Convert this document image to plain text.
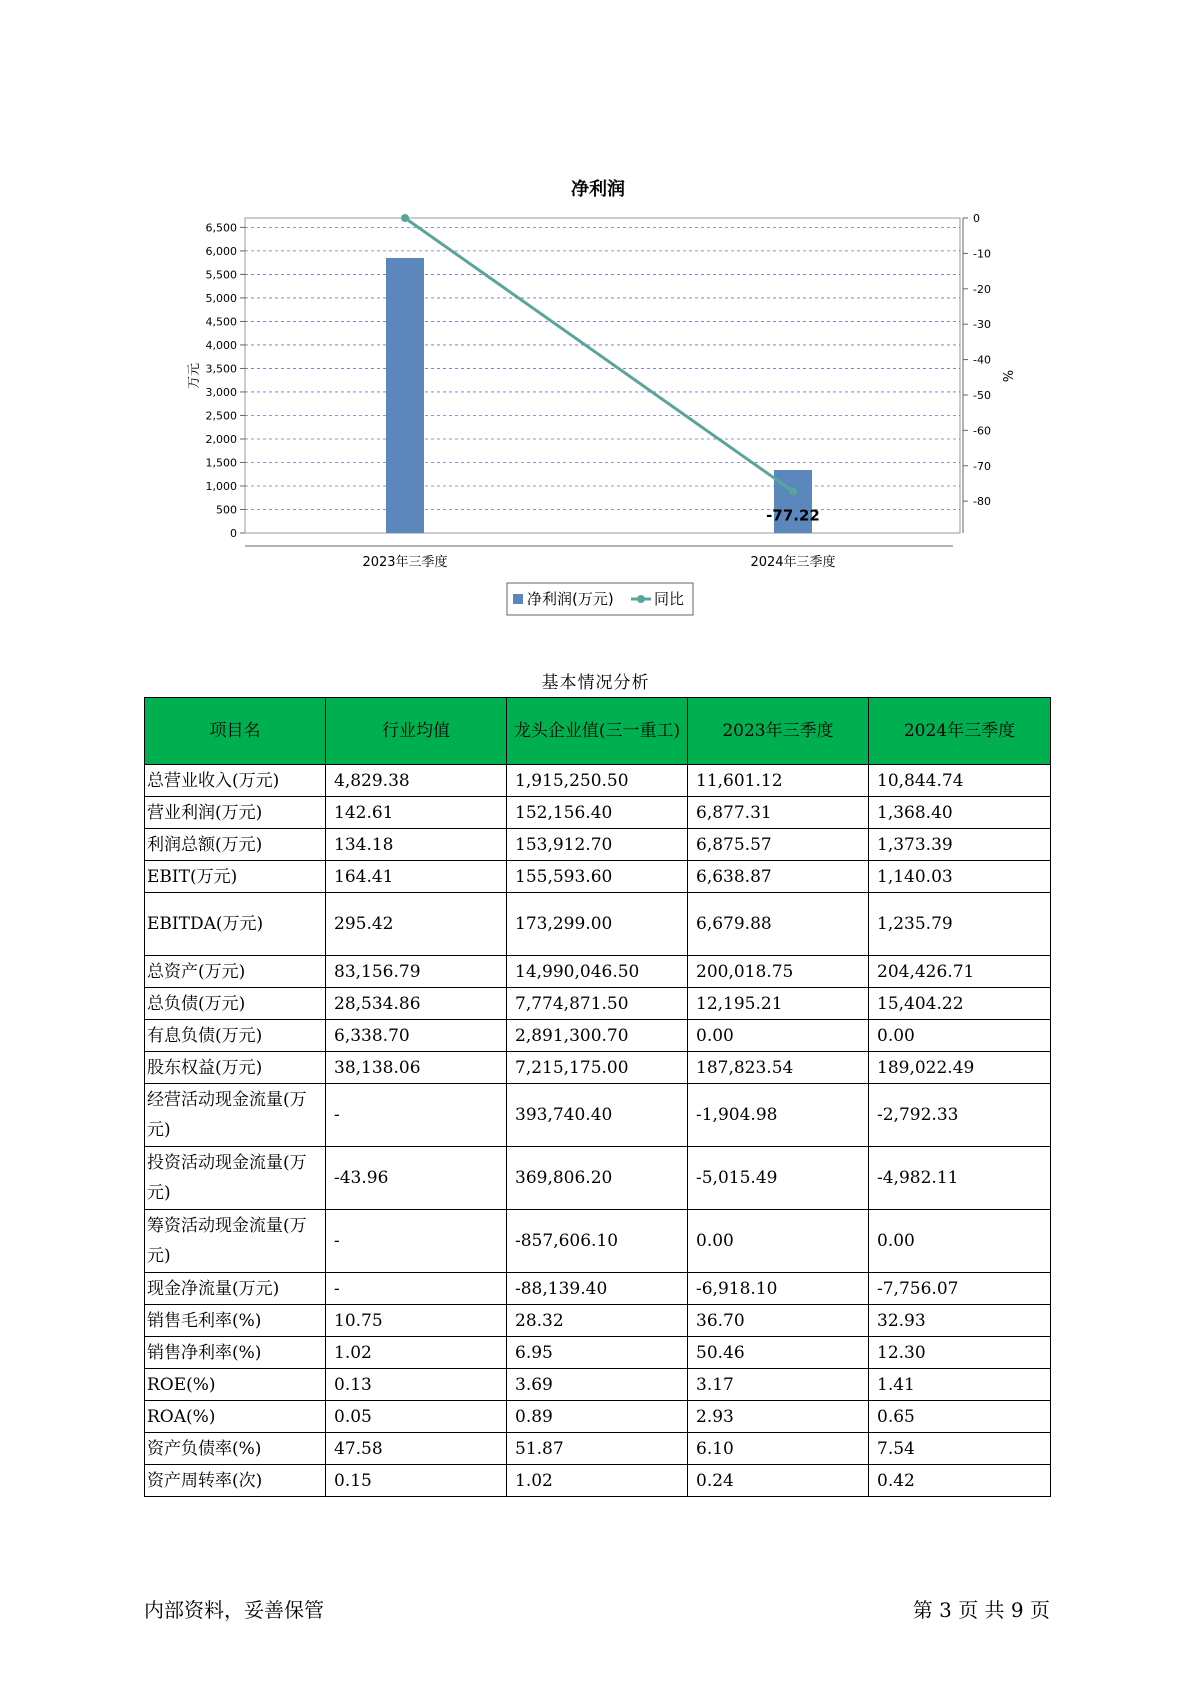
净利润
0
500
1,000
1,500
2,000
2,500
3,000
3,500
4,000
4,500
5,000
5,500
6,000
6,500
0
-10
-20
-30
-40
-50
-60
-70
-80
万元	%
2023年三季度	2024年三季度
-77.22
净利润(万元)	同比
基本情况分析
项目名	行业均值	龙头企业值(三一重工)	2023年三季度	2024年三季度
总营业收入(万元)	4,829.38	1,915,250.50	11,601.12	10,844.74
营业利润(万元)	142.61	152,156.40	6,877.31	1,368.40
利润总额(万元)	134.18	153,912.70	6,875.57	1,373.39
EBIT(万元)	164.41	155,593.60	6,638.87	1,140.03
EBITDA(万元)	295.42	173,299.00	6,679.88	1,235.79
总资产(万元)	83,156.79	14,990,046.50	200,018.75	204,426.71
总负债(万元)	28,534.86	7,774,871.50	12,195.21	15,404.22
有息负债(万元)	6,338.70	2,891,300.70	0.00	0.00
股东权益(万元)	38,138.06	7,215,175.00	187,823.54	189,022.49
经营活动现金流量(万元)	-	393,740.40	-1,904.98	-2,792.33
投资活动现金流量(万元)	-43.96	369,806.20	-5,015.49	-4,982.11
筹资活动现金流量(万元)	-	-857,606.10	0.00	0.00
现金净流量(万元)	-	-88,139.40	-6,918.10	-7,756.07
销售毛利率(%)	10.75	28.32	36.70	32.93
销售净利率(%)	1.02	6.95	50.46	12.30
ROE(%)	0.13	3.69	3.17	1.41
ROA(%)	0.05	0.89	2.93	0.65
资产负债率(%)	47.58	51.87	6.10	7.54
资产周转率(次)	0.15	1.02	0.24	0.42
内部资料，妥善保管	第 3 页 共 9 页
